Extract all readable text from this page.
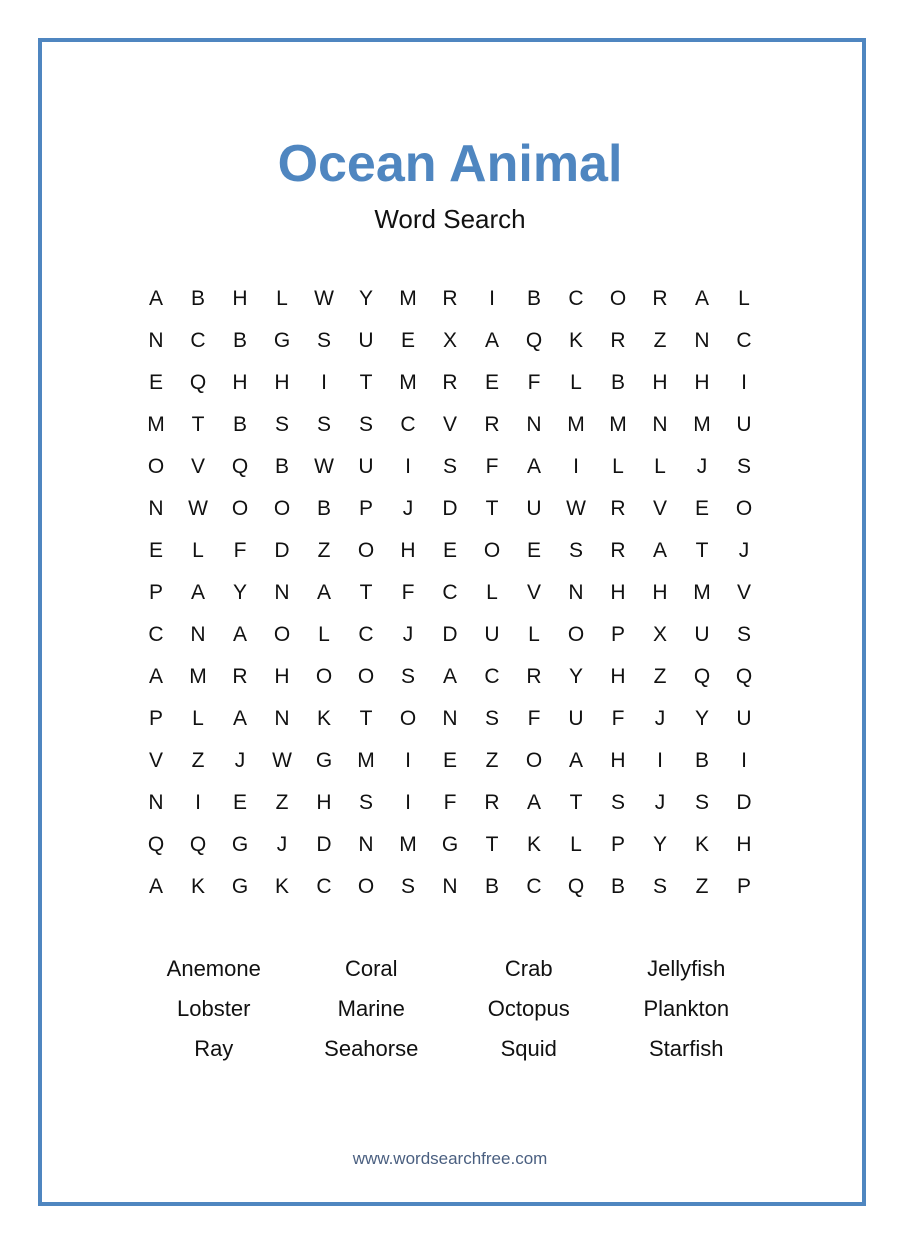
Ocean Animal
Word Search
A	B	H	L	W	Y	M	R	I	B	C	O	R	A	L
N	C	B	G	S	U	E	X	A	Q	K	R	Z	N	C
E	Q	H	H	I	T	M	R	E	F	L	B	H	H	I
M	T	B	S	S	S	C	V	R	N	M	M	N	M	U
O	V	Q	B	W	U	I	S	F	A	I	L	L	J	S
N	W	O	O	B	P	J	D	T	U	W	R	V	E	O
E	L	F	D	Z	O	H	E	O	E	S	R	A	T	J
P	A	Y	N	A	T	F	C	L	V	N	H	H	M	V
C	N	A	O	L	C	J	D	U	L	O	P	X	U	S
A	M	R	H	O	O	S	A	C	R	Y	H	Z	Q	Q
P	L	A	N	K	T	O	N	S	F	U	F	J	Y	U
V	Z	J	W	G	M	I	E	Z	O	A	H	I	B	I
N	I	E	Z	H	S	I	F	R	A	T	S	J	S	D
Q	Q	G	J	D	N	M	G	T	K	L	P	Y	K	H
A	K	G	K	C	O	S	N	B	C	Q	B	S	Z	P
Anemone	Coral	Crab	Jellyfish
Lobster	Marine	Octopus	Plankton
Ray	Seahorse	Squid	Starfish
www.wordsearchfree.com
